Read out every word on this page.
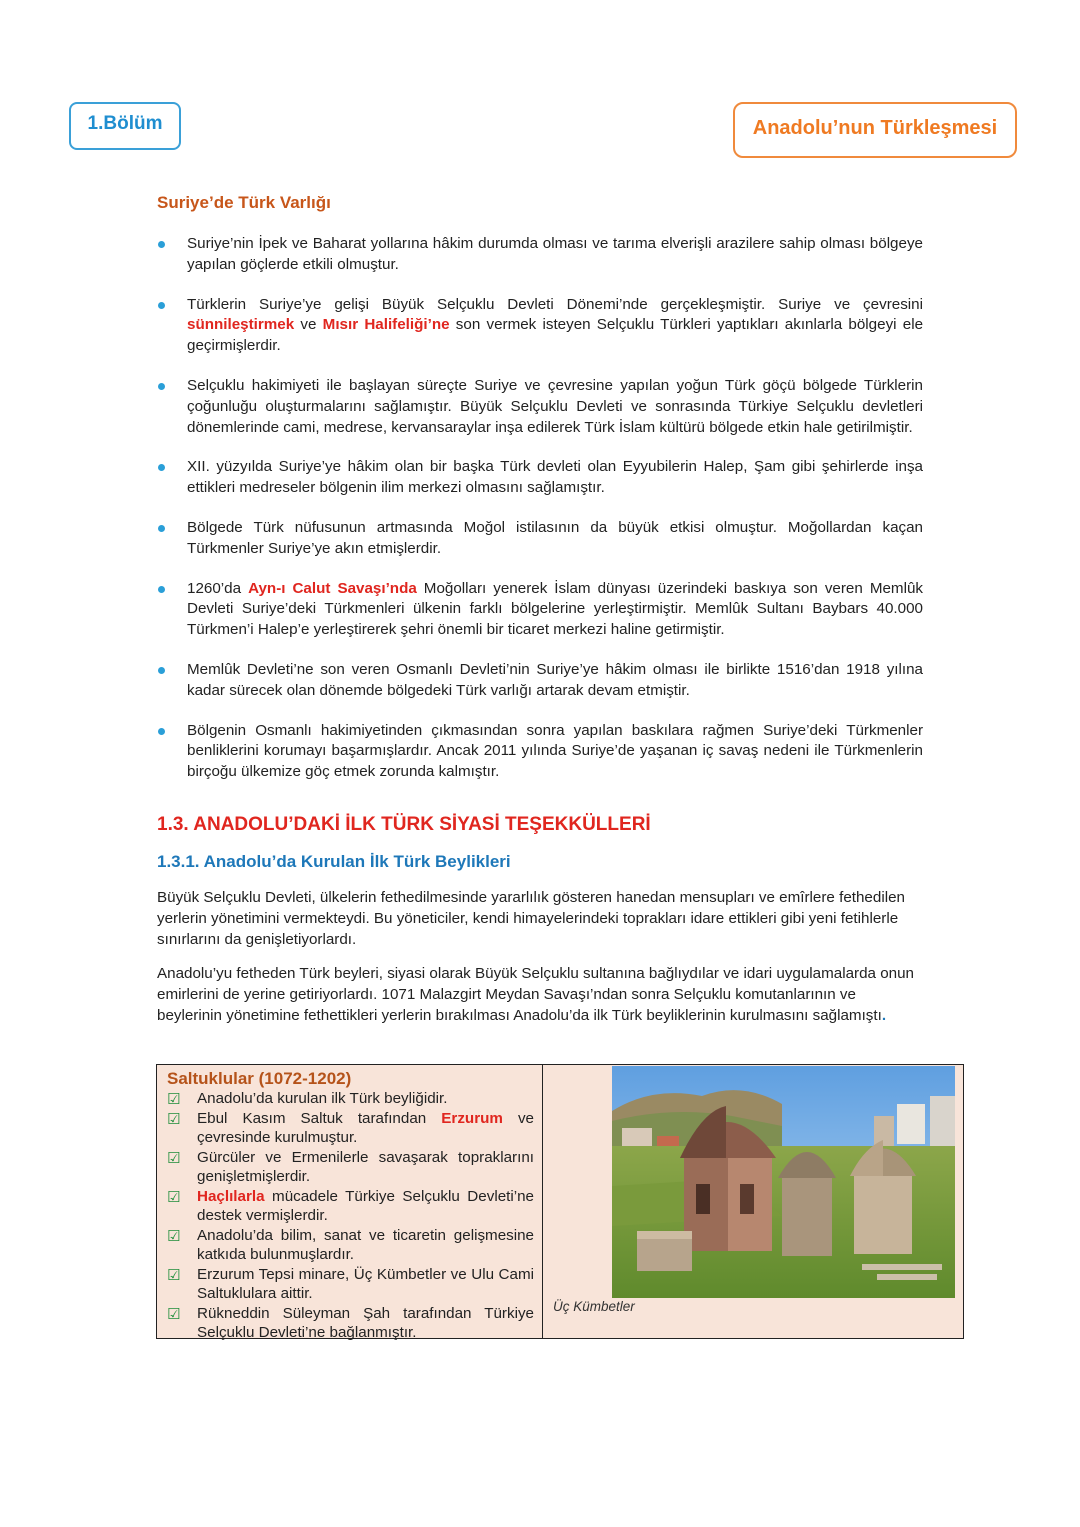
1.Bölüm	Anadolu’nun Türkleşmesi
Suriye’de Türk Varlığı
Suriye’nin İpek ve Baharat yollarına hâkim durumda olması ve tarıma elverişli arazilere sahip olması bölgeye yapılan göçlerde etkili olmuştur.
Türklerin Suriye’ye gelişi Büyük Selçuklu Devleti Dönemi’nde gerçekleşmiştir. Suriye ve çevresini sünnileştirmek ve Mısır Halifeliği’ne son vermek isteyen Selçuklu Türkleri yaptıkları akınlarla bölgeyi ele geçirmişlerdir.
Selçuklu hakimiyeti ile başlayan süreçte Suriye ve çevresine yapılan yoğun Türk göçü bölgede Türklerin çoğunluğu oluşturmalarını sağlamıştır. Büyük Selçuklu Devleti ve sonrasında Türkiye Selçuklu devletleri dönemlerinde cami, medrese, kervansaraylar inşa edilerek Türk İslam kültürü bölgede etkin hale getirilmiştir.
XII. yüzyılda Suriye’ye hâkim olan bir başka Türk devleti olan Eyyubilerin Halep, Şam gibi şehirlerde inşa ettikleri medreseler bölgenin ilim merkezi olmasını sağlamıştır.
Bölgede Türk nüfusunun artmasında Moğol istilasının da büyük etkisi olmuştur. Moğollardan kaçan Türkmenler Suriye’ye akın etmişlerdir.
1260’da Ayn-ı Calut Savaşı’nda Moğolları yenerek İslam dünyası üzerindeki baskıya son veren Memlûk Devleti Suriye’deki Türkmenleri ülkenin farklı bölgelerine yerleştirmiştir. Memlûk Sultanı Baybars 40.000 Türkmen’i Halep’e yerleştirerek şehri önemli bir ticaret merkezi haline getirmiştir.
Memlûk Devleti’ne son veren Osmanlı Devleti’nin Suriye’ye hâkim olması ile birlikte 1516’dan 1918 yılına kadar sürecek olan dönemde bölgedeki Türk varlığı artarak devam etmiştir.
Bölgenin Osmanlı hakimiyetinden çıkmasından sonra yapılan baskılara rağmen Suriye’deki Türkmenler benliklerini korumayı başarmışlardır. Ancak 2011 yılında Suriye’de yaşanan iç savaş nedeni ile Türkmenlerin birçoğu ülkemize göç etmek zorunda kalmıştır.
1.3. ANADOLU’DAKİ İLK TÜRK SİYASİ TEŞEKKÜLLERİ
1.3.1. Anadolu’da Kurulan İlk Türk Beylikleri

Büyük Selçuklu Devleti, ülkelerin fethedilmesinde yararlılık gösteren hanedan mensupları ve emîrlere fethedilen yerlerin yönetimini vermekteydi. Bu yöneticiler, kendi himayelerindeki toprakları idare ettikleri gibi yeni fetihlerle sınırlarını da genişletiyorlardı.

Anadolu’yu fetheden Türk beyleri, siyasi olarak Büyük Selçuklu sultanına bağlıydılar ve idari uygulamalarda onun emirlerini de yerine getiriyorlardı. 1071 Malazgirt Meydan Savaşı’ndan sonra Selçuklu komutanlarının ve beylerinin yönetimine fethettikleri yerlerin bırakılması Anadolu’da ilk Türk beyliklerinin kurulmasını sağlamıştı.

Saltuklular (1072-1202)
☑ Anadolu’da kurulan ilk Türk beyliğidir.
☑ Ebul Kasım Saltuk tarafından Erzurum ve çevresinde kurulmuştur.
☑ Gürcüler ve Ermenilerle savaşarak topraklarını genişletmişlerdir.
☑ Haçlılarla mücadele Türkiye Selçuklu Devleti’ne destek vermişlerdir.
☑ Anadolu’da bilim, sanat ve ticaretin gelişmesine katkıda bulunmuşlardır.
☑ Erzurum Tepsi minare, Üç Kümbetler ve Ulu Cami Saltuklulara aittir.
☑ Rükneddin Süleyman Şah tarafından Türkiye Selçuklu Devleti’ne bağlanmıştır.
Üç Kümbetler
